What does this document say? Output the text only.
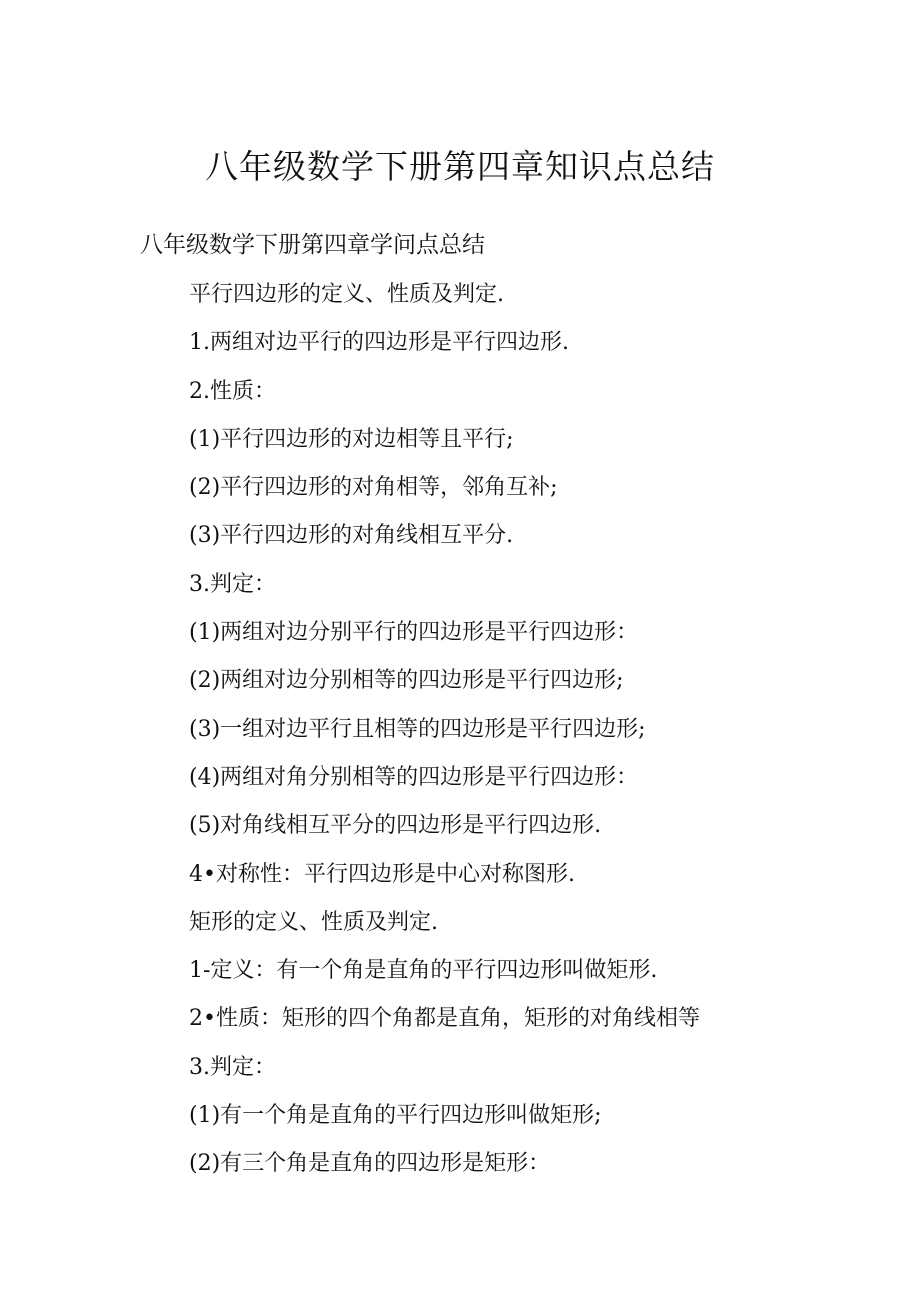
八年级数学下册第四章知识点总结
八年级数学下册第四章学问点总结
平行四边形的定义、性质及判定.
1.两组对边平行的四边形是平行四边形.
2.性质：
(1)平行四边形的对边相等且平行;
(2)平行四边形的对角相等，邻角互补;
(3)平行四边形的对角线相互平分.
3.判定：
(1)两组对边分别平行的四边形是平行四边形：
(2)两组对边分别相等的四边形是平行四边形;
(3)一组对边平行且相等的四边形是平行四边形;
(4)两组对角分别相等的四边形是平行四边形：
(5)对角线相互平分的四边形是平行四边形.
4•对称性：平行四边形是中心对称图形.
矩形的定义、性质及判定.
1-定义：有一个角是直角的平行四边形叫做矩形.
2•性质：矩形的四个角都是直角，矩形的对角线相等
3.判定：
(1)有一个角是直角的平行四边形叫做矩形;
(2)有三个角是直角的四边形是矩形：
